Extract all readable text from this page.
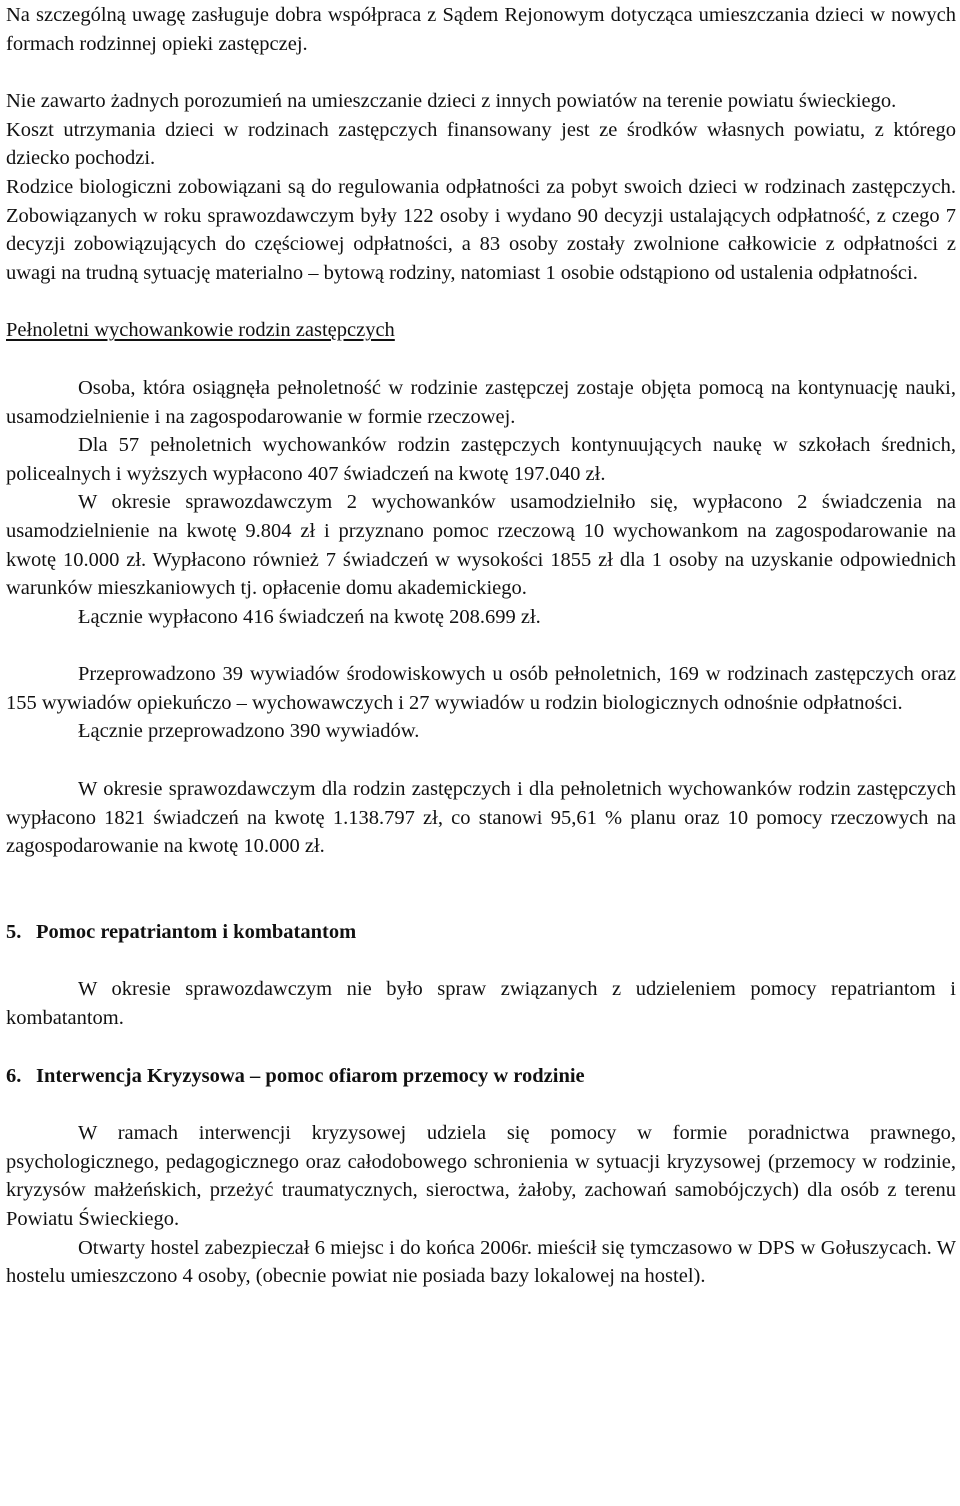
Na szczególną uwagę zasługuje dobra współpraca z Sądem Rejonowym dotycząca umieszczania dzieci w nowych formach rodzinnej opieki zastępczej.

Nie zawarto żadnych porozumień na umieszczanie dzieci z innych powiatów na terenie powiatu świeckiego.

Koszt utrzymania dzieci w rodzinach zastępczych finansowany jest ze środków własnych powiatu, z którego dziecko pochodzi.

Rodzice biologiczni zobowiązani są do regulowania odpłatności za pobyt swoich dzieci w rodzinach zastępczych. Zobowiązanych w roku sprawozdawczym były 122 osoby i wydano 90 decyzji ustalających odpłatność, z czego 7 decyzji zobowiązujących do częściowej odpłatności, a 83 osoby zostały zwolnione całkowicie z odpłatności z uwagi na trudną sytuację materialno – bytową rodziny, natomiast 1 osobie odstąpiono od ustalenia odpłatności.

Pełnoletni wychowankowie rodzin zastępczych

Osoba, która osiągnęła pełnoletność w rodzinie zastępczej zostaje objęta pomocą na kontynuację nauki, usamodzielnienie i na zagospodarowanie w formie rzeczowej.

Dla 57 pełnoletnich wychowanków rodzin zastępczych kontynuujących naukę w szkołach średnich, policealnych i wyższych wypłacono 407 świadczeń na kwotę 197.040 zł.

W okresie sprawozdawczym 2 wychowanków usamodzielniło się, wypłacono 2 świadczenia na usamodzielnienie na kwotę 9.804 zł i przyznano pomoc rzeczową 10 wychowankom na zagospodarowanie na kwotę 10.000 zł. Wypłacono również 7 świadczeń w wysokości 1855 zł dla 1 osoby na uzyskanie odpowiednich warunków mieszkaniowych tj. opłacenie domu akademickiego.

Łącznie wypłacono 416 świadczeń na kwotę 208.699 zł.

Przeprowadzono 39 wywiadów środowiskowych u osób pełnoletnich, 169 w rodzinach zastępczych oraz 155 wywiadów opiekuńczo – wychowawczych i 27 wywiadów u rodzin biologicznych odnośnie odpłatności.

Łącznie przeprowadzono 390 wywiadów.

W okresie sprawozdawczym dla rodzin zastępczych i dla pełnoletnich wychowanków rodzin zastępczych wypłacono 1821 świadczeń na kwotę 1.138.797 zł, co stanowi 95,61 % planu oraz 10 pomocy rzeczowych na zagospodarowanie na kwotę 10.000 zł.

5. Pomoc repatriantom i kombatantom

W okresie sprawozdawczym nie było spraw związanych z udzieleniem pomocy repatriantom i kombatantom.

6. Interwencja Kryzysowa – pomoc ofiarom przemocy w rodzinie

W ramach interwencji kryzysowej udziela się pomocy w formie poradnictwa prawnego, psychologicznego, pedagogicznego oraz całodobowego schronienia w sytuacji kryzysowej (przemocy w rodzinie, kryzysów małżeńskich, przeżyć traumatycznych, sieroctwa, żałoby, zachowań samobójczych) dla osób z terenu Powiatu Świeckiego.

Otwarty hostel zabezpieczał 6 miejsc i do końca 2006r. mieścił się tymczasowo w DPS w Gołuszycach. W hostelu umieszczono 4 osoby, (obecnie powiat nie posiada bazy lokalowej na hostel).
